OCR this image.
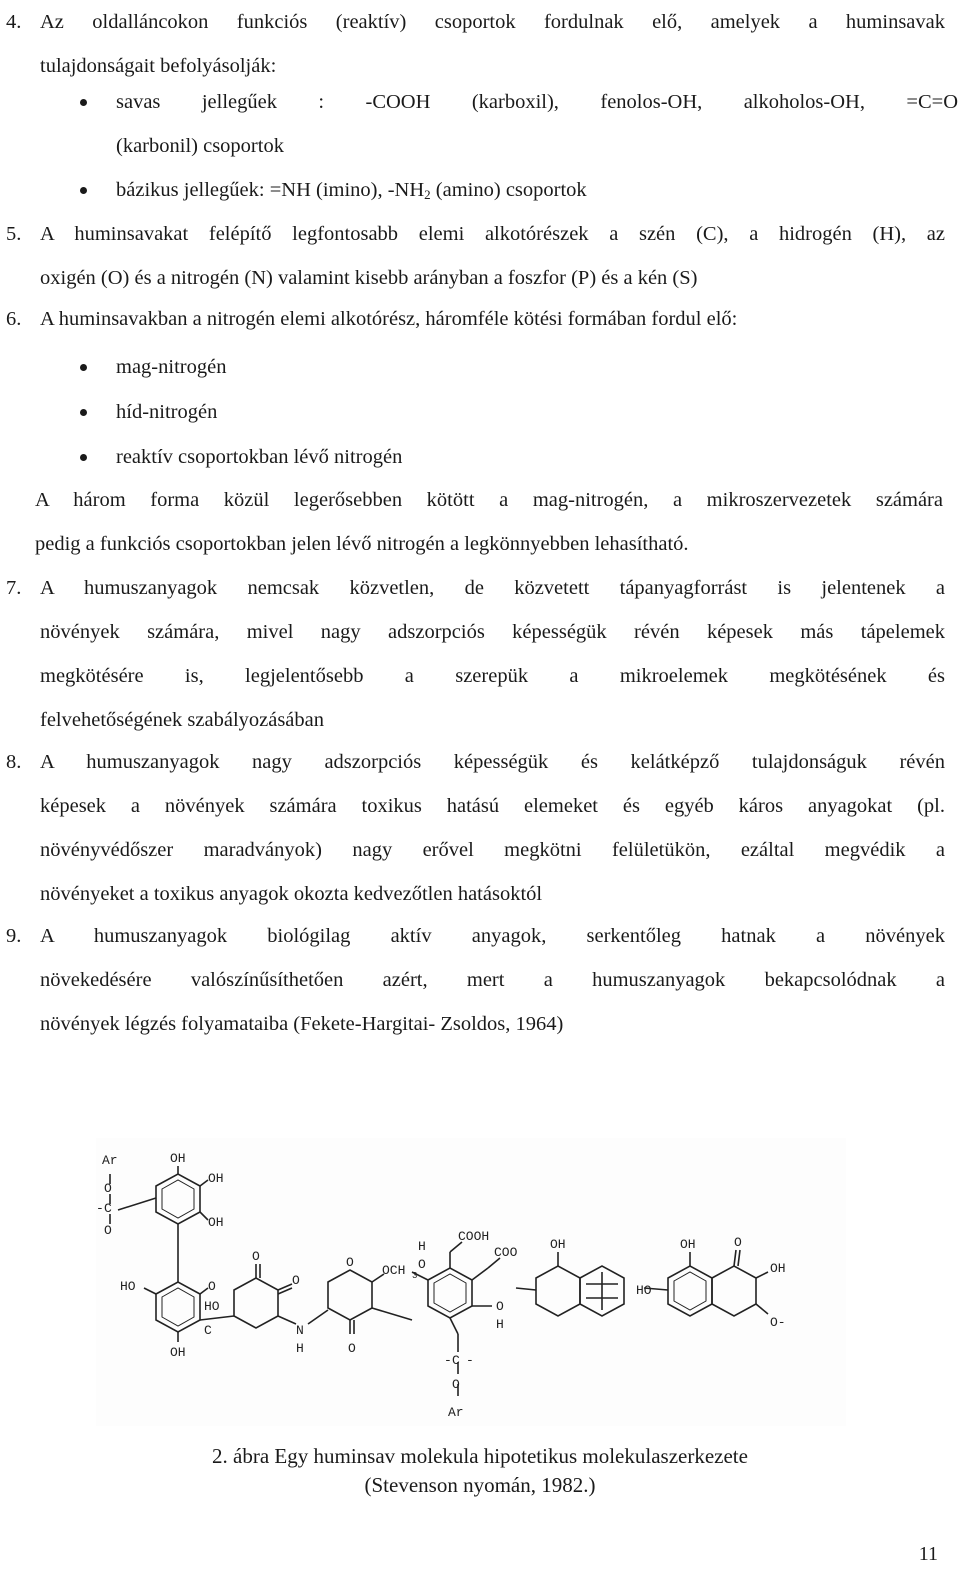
4. Az oldalláncokon funkciós (reaktív) csoportok fordulnak elő, amelyek a huminsavak
tulajdonságait befolyásolják:
savas jellegűek : -COOH (karboxil), fenolos-OH, alkoholos-OH, =C=O
(karbonil) csoportok
bázikus jellegűek: =NH (imino), $-NH_2$ (amino) csoportok
5. A huminsavakat felépítő legfontosabb elemi alkotórészek a szén (C), a hidrogén (H), az
oxigén (O) és a nitrogén (N) valamint kisebb arányban a foszfor (P) és a kén (S)
6. A huminsavakban a nitrogén elemi alkotórész, háromféle kötési formában fordul elő:
mag-nitrogén
híd-nitrogén
reaktív csoportokban lévő nitrogén
A három forma közül legerősebben kötött a mag-nitrogén, a mikroszervezetek számára
pedig a funkciós csoportokban jelen lévő nitrogén a legkönnyebben lehasítható.
7. A humuszanyagok nemcsak közvetlen, de közvetett tápanyagforrást is jelentenek a
növények számára, mivel nagy adszorpciós képességük révén képesek más tápelemek
megkötésére is, legjelentősebb a szerepük a mikroelemek megkötésének és
felvehetőségének szabályozásában
8. A humuszanyagok nagy adszorpciós képességük és kelátképző tulajdonságuk révén
képesek a növények számára toxikus hatású elemeket és egyéb káros anyagokat (pl.
növényvédőszer maradványok) nagy erővel megkötni felületükön, ezáltal megvédik a
növényeket a toxikus anyagok okozta kedvezőtlen hatásoktól
9. A humuszanyagok biológilag aktív anyagok, serkentőleg hatnak a növények
növekedésére valószínűsíthetően azért, mert a humuszanyagok bekapcsolódnak a
növények légzés folyamataiba (Fekete-Hargitai- Zsoldos, 1964)
Ar
O
C
-
O
OH
OH
OH
HO	O
OH
C
HO
O
O
N
H
O
O
OCH 3
H
O
COOH
COO
O
H
C
- -
O
Ar
OH
HO
OH	O
OH
O-
2. ábra Egy huminsav molekula hipotetikus molekulaszerkezete
(Stevenson nyomán, 1982.)
11
